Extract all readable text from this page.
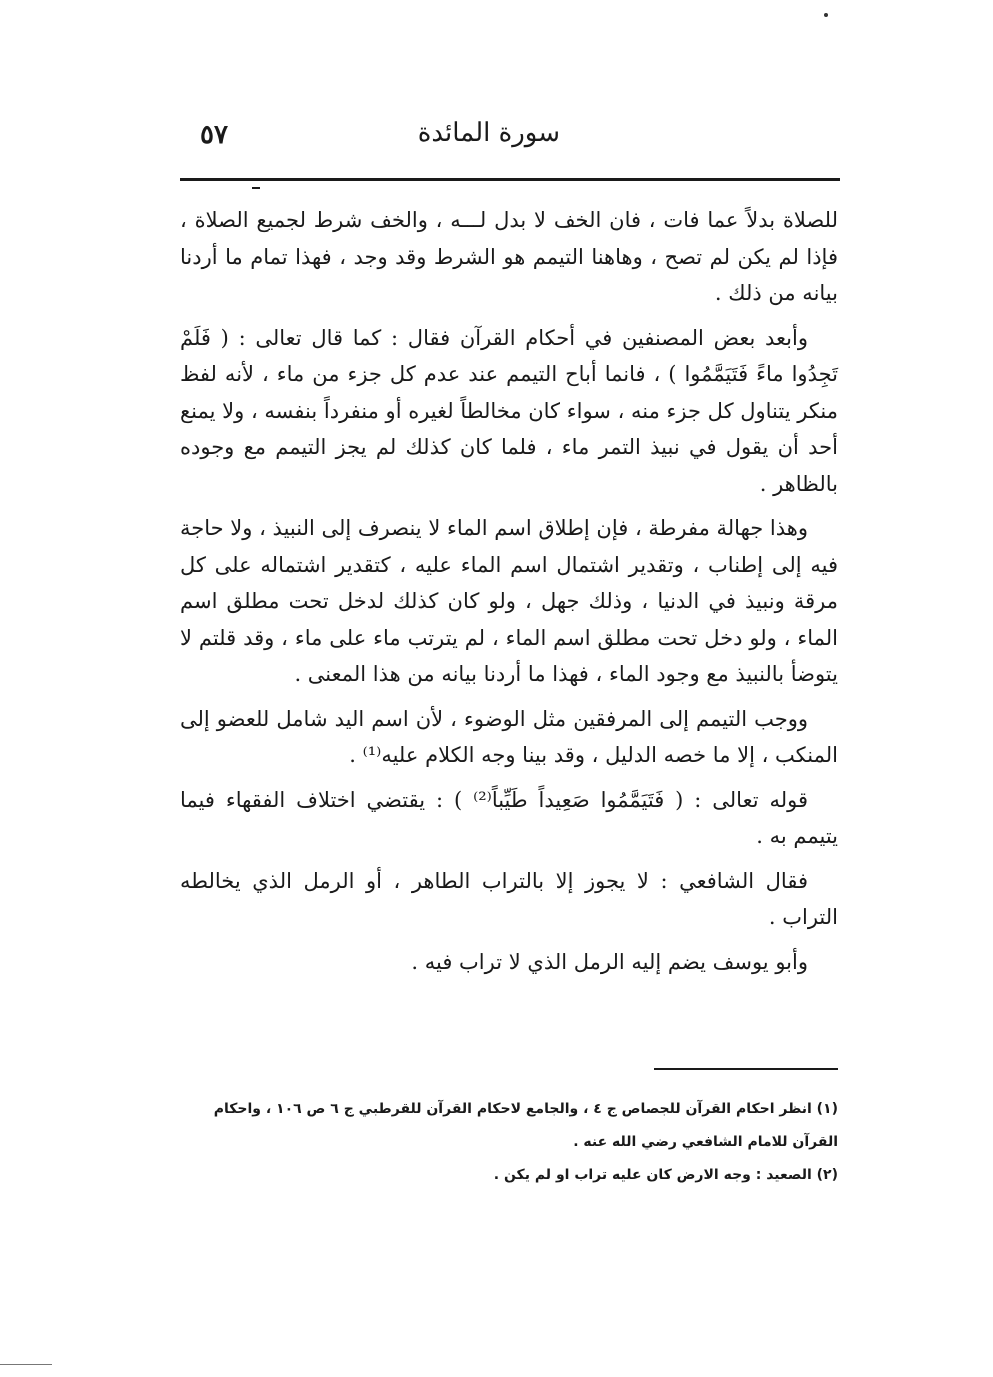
سورة المائدة
٥٧

للصلاة بدلاً عما فات ، فان الخف لا بدل لـــه ، والخف شرط لجميع الصلاة ، فإذا لم يكن لم تصح ، وهاهنا التيمم هو الشرط وقد وجد ، فهذا تمام ما أردنا بيانه من ذلك .

وأبعد بعض المصنفين في أحكام القرآن فقال : كما قال تعالى : ( فَلَمْ تَجِدُوا ماءً فَتَيَمَّمُوا ) ، فانما أباح التيمم عند عدم كل جزء من ماء ، لأنه لفظ منكر يتناول كل جزء منه ، سواء كان مخالطاً لغيره أو منفرداً بنفسه ، ولا يمنع أحد أن يقول في نبيذ التمر ماء ، فلما كان كذلك لم يجز التيمم مع وجوده بالظاهر .

وهذا جهالة مفرطة ، فإن إطلاق اسم الماء لا ينصرف إلى النبيذ ، ولا حاجة فيه إلى إطناب ، وتقدير اشتمال اسم الماء عليه ، كتقدير اشتماله على كل مرقة ونبيذ في الدنيا ، وذلك جهل ، ولو كان كذلك لدخل تحت مطلق اسم الماء ، ولو دخل تحت مطلق اسم الماء ، لم يترتب ماء على ماء ، وقد قلتم لا يتوضأ بالنبيذ مع وجود الماء ، فهذا ما أردنا بيانه من هذا المعنى .

ووجب التيمم إلى المرفقين مثل الوضوء ، لأن اسم اليد شامل للعضو إلى المنكب ، إلا ما خصه الدليل ، وقد بينا وجه الكلام عليه⁽¹⁾ .

قوله تعالى : ( فَتَيَمَّمُوا صَعِيداً طَيِّباً⁽²⁾ ) : يقتضي اختلاف الفقهاء فيما يتيمم به .

فقال الشافعي : لا يجوز إلا بالتراب الطاهر ، أو الرمل الذي يخالطه التراب .

وأبو يوسف يضم إليه الرمل الذي لا تراب فيه .

(١) انظر احكام القرآن للجصاص ج ٤ ، والجامع لاحكام القرآن للقرطبي ج ٦ ص ١٠٦ ، واحكام القرآن للامام الشافعي رضي الله عنه .

(٢) الصعيد : وجه الارض كان عليه تراب او لم يكن .
